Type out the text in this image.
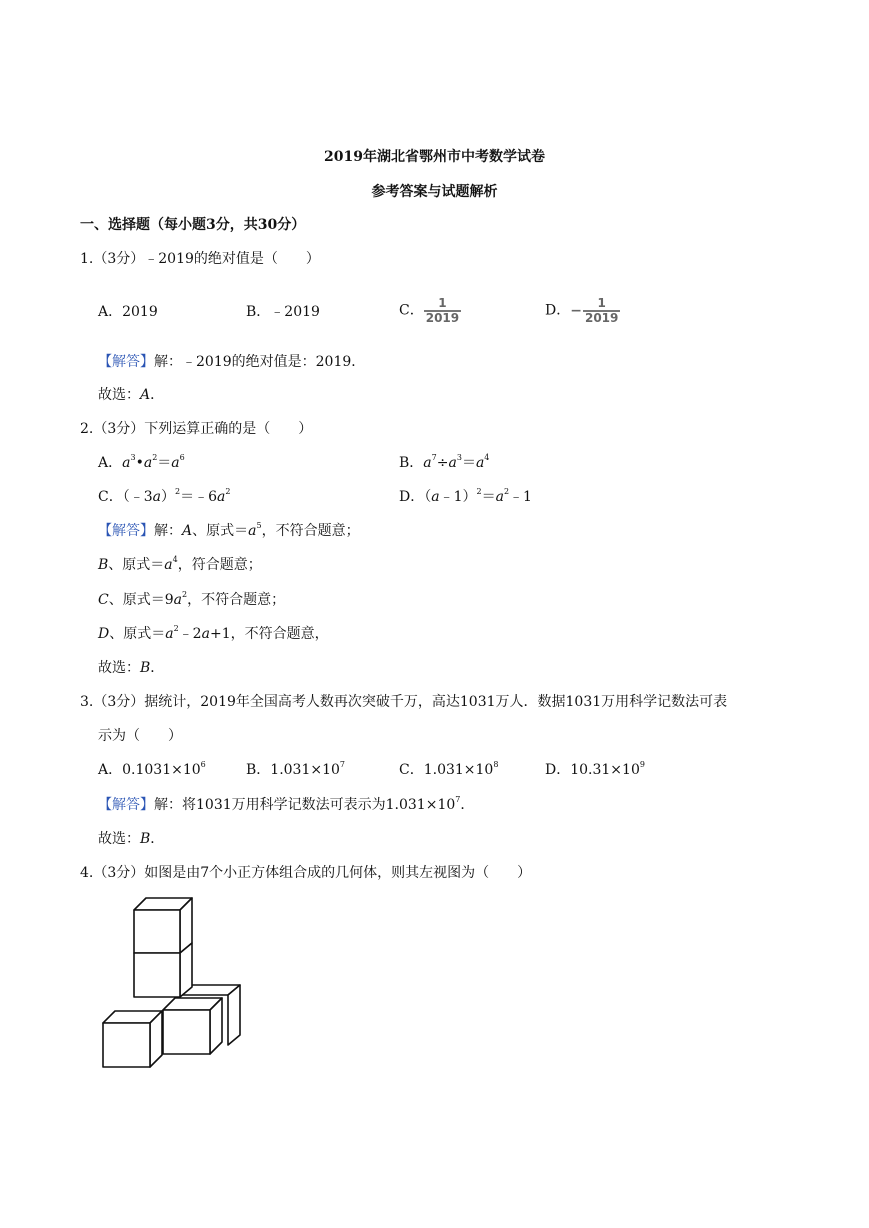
2019年湖北省鄂州市中考数学试卷
参考答案与试题解析
一、选择题（每小题3分，共30分）
1.（3分）﹣2019的绝对值是（　　）
A．2019	B．﹣2019	C． $\frac{1}{2019}$	D．− $\frac{1}{2019}$
【解答】解：﹣2019的绝对值是：2019．
故选：A．
2.（3分）下列运算正确的是（　　）
A．$a^3•a^2=a^6$	B．$a^7\div a^3=a^4$
C．$(﹣3a)^2=﹣6a^2$	D．$(a﹣1)^2=a^2﹣1$
【解答】解：A、原式$=a^5$，不符合题意；
B、原式$=a^4$，符合题意；
C、原式$=9a^2$，不符合题意；
D、原式$=a^2﹣2a+1$，不符合题意，
故选：B．
3.（3分）据统计，2019年全国高考人数再次突破千万，高达1031万人．数据1031万用科学记数法可表
示为（　　）
A．$0.1031\times 10^6$	B．$1.031\times 10^7$	C．$1.031\times 10^8$	D．$10.31\times 10^9$
【解答】解：将1031万用科学记数法可表示为$1.031\times 10^7$．
故选：B．
4.（3分）如图是由7个小正方体组合成的几何体，则其左视图为（　　）
